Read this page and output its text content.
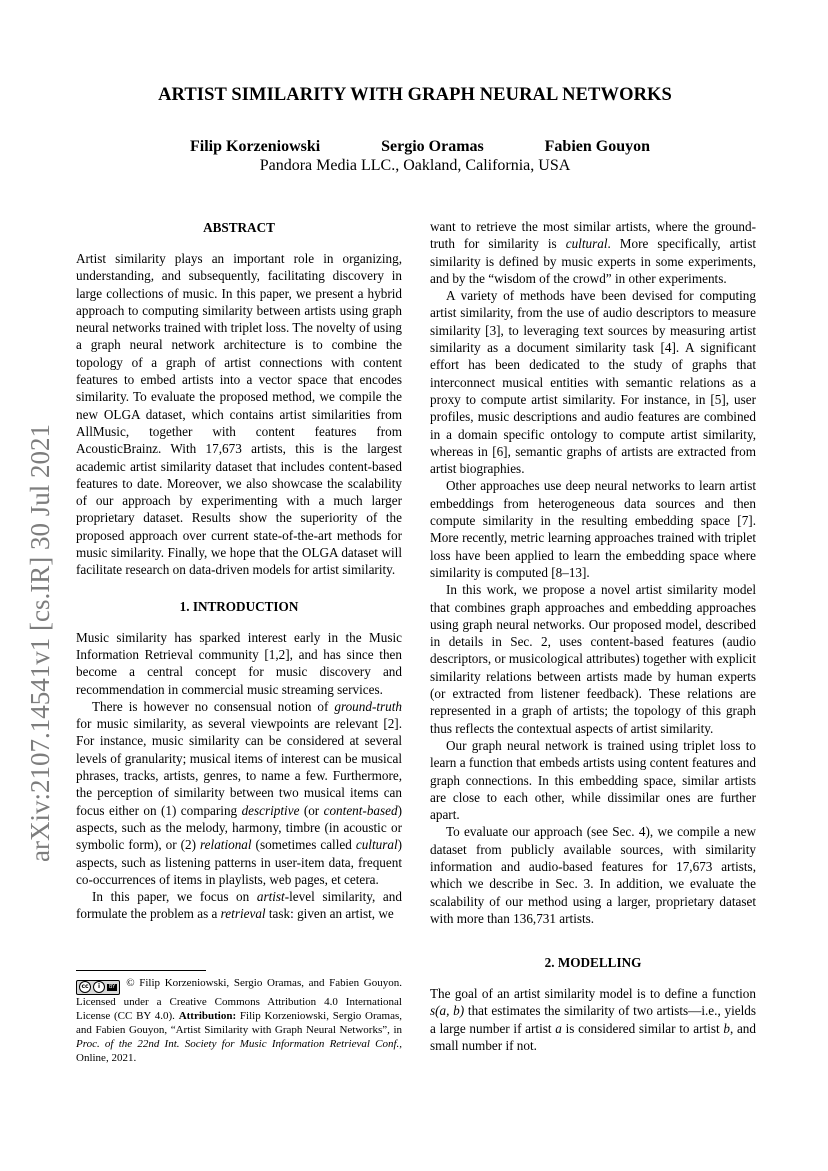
arXiv:2107.14541v1 [cs.IR] 30 Jul 2021
ARTIST SIMILARITY WITH GRAPH NEURAL NETWORKS
Filip Korzeniowski	Sergio Oramas	Fabien Gouyon
Pandora Media LLC., Oakland, California, USA
ABSTRACT

Artist similarity plays an important role in organizing, understanding, and subsequently, facilitating discovery in large collections of music. In this paper, we present a hybrid approach to computing similarity between artists using graph neural networks trained with triplet loss. The novelty of using a graph neural network architecture is to combine the topology of a graph of artist connections with content features to embed artists into a vector space that encodes similarity. To evaluate the proposed method, we compile the new OLGA dataset, which contains artist similarities from AllMusic, together with content features from AcousticBrainz. With 17,673 artists, this is the largest academic artist similarity dataset that includes content-based features to date. Moreover, we also showcase the scalability of our approach by experimenting with a much larger proprietary dataset. Results show the superiority of the proposed approach over current state-of-the-art methods for music similarity. Finally, we hope that the OLGA dataset will facilitate research on data-driven models for artist similarity.

1. INTRODUCTION

Music similarity has sparked interest early in the Music Information Retrieval community [1,2], and has since then become a central concept for music discovery and recommendation in commercial music streaming services.

There is however no consensual notion of ground-truth for music similarity, as several viewpoints are relevant [2]. For instance, music similarity can be considered at several levels of granularity; musical items of interest can be musical phrases, tracks, artists, genres, to name a few. Furthermore, the perception of similarity between two musical items can focus either on (1) comparing descriptive (or content-based) aspects, such as the melody, harmony, timbre (in acoustic or symbolic form), or (2) relational (sometimes called cultural) aspects, such as listening patterns in user-item data, frequent co-occurrences of items in playlists, web pages, et cetera.

In this paper, we focus on artist-level similarity, and formulate the problem as a retrieval task: given an artist, we

cc	i	BY © Filip Korzeniowski, Sergio Oramas, and Fabien Gouyon. Licensed under a Creative Commons Attribution 4.0 International License (CC BY 4.0). Attribution: Filip Korzeniowski, Sergio Oramas, and Fabien Gouyon, “Artist Similarity with Graph Neural Networks”, in Proc. of the 22nd Int. Society for Music Information Retrieval Conf., Online, 2021.

want to retrieve the most similar artists, where the ground-truth for similarity is cultural. More specifically, artist similarity is defined by music experts in some experiments, and by the “wisdom of the crowd” in other experiments.

A variety of methods have been devised for computing artist similarity, from the use of audio descriptors to measure similarity [3], to leveraging text sources by measuring artist similarity as a document similarity task [4]. A significant effort has been dedicated to the study of graphs that interconnect musical entities with semantic relations as a proxy to compute artist similarity. For instance, in [5], user profiles, music descriptions and audio features are combined in a domain specific ontology to compute artist similarity, whereas in [6], semantic graphs of artists are extracted from artist biographies.

Other approaches use deep neural networks to learn artist embeddings from heterogeneous data sources and then compute similarity in the resulting embedding space [7]. More recently, metric learning approaches trained with triplet loss have been applied to learn the embedding space where similarity is computed [8–13].

In this work, we propose a novel artist similarity model that combines graph approaches and embedding approaches using graph neural networks. Our proposed model, described in details in Sec. 2, uses content-based features (audio descriptors, or musicological attributes) together with explicit similarity relations between artists made by human experts (or extracted from listener feedback). These relations are represented in a graph of artists; the topology of this graph thus reflects the contextual aspects of artist similarity.

Our graph neural network is trained using triplet loss to learn a function that embeds artists using content features and graph connections. In this embedding space, similar artists are close to each other, while dissimilar ones are further apart.

To evaluate our approach (see Sec. 4), we compile a new dataset from publicly available sources, with similarity information and audio-based features for 17,673 artists, which we describe in Sec. 3. In addition, we evaluate the scalability of our method using a larger, proprietary dataset with more than 136,731 artists.

2. MODELLING

The goal of an artist similarity model is to define a function s(a, b) that estimates the similarity of two artists—i.e., yields a large number if artist a is considered similar to artist b, and small number if not.
